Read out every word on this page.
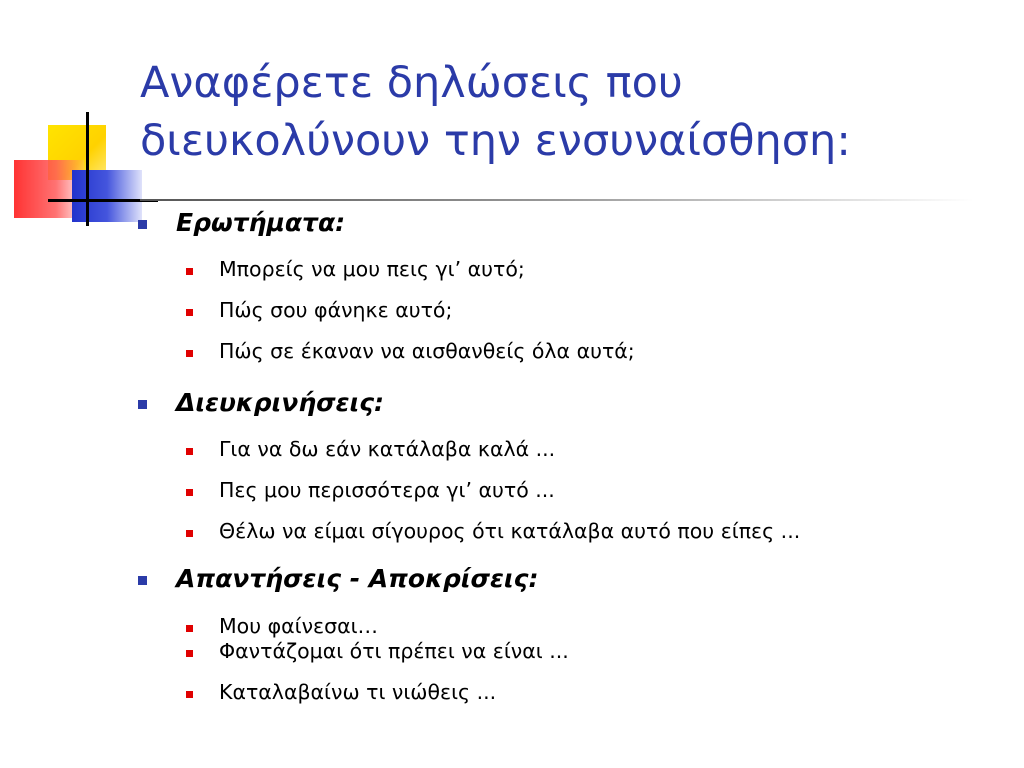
Αναφέρετε δηλώσεις που
διευκολύνουν την ενσυναίσθηση:
Ερωτήματα:
Μπορείς να μου πεις γι’ αυτό;
Πώς σου φάνηκε αυτό;
Πώς σε έκαναν να αισθανθείς όλα αυτά;
Διευκρινήσεις:
Για να δω εάν κατάλαβα καλά ...
Πες μου περισσότερα γι’ αυτό ...
Θέλω να είμαι σίγουρος ότι κατάλαβα αυτό που είπες ...
Απαντήσεις - Αποκρίσεις:
Μου φαίνεσαι…
Φαντάζομαι ότι πρέπει να είναι ...
Καταλαβαίνω τι νιώθεις ...
